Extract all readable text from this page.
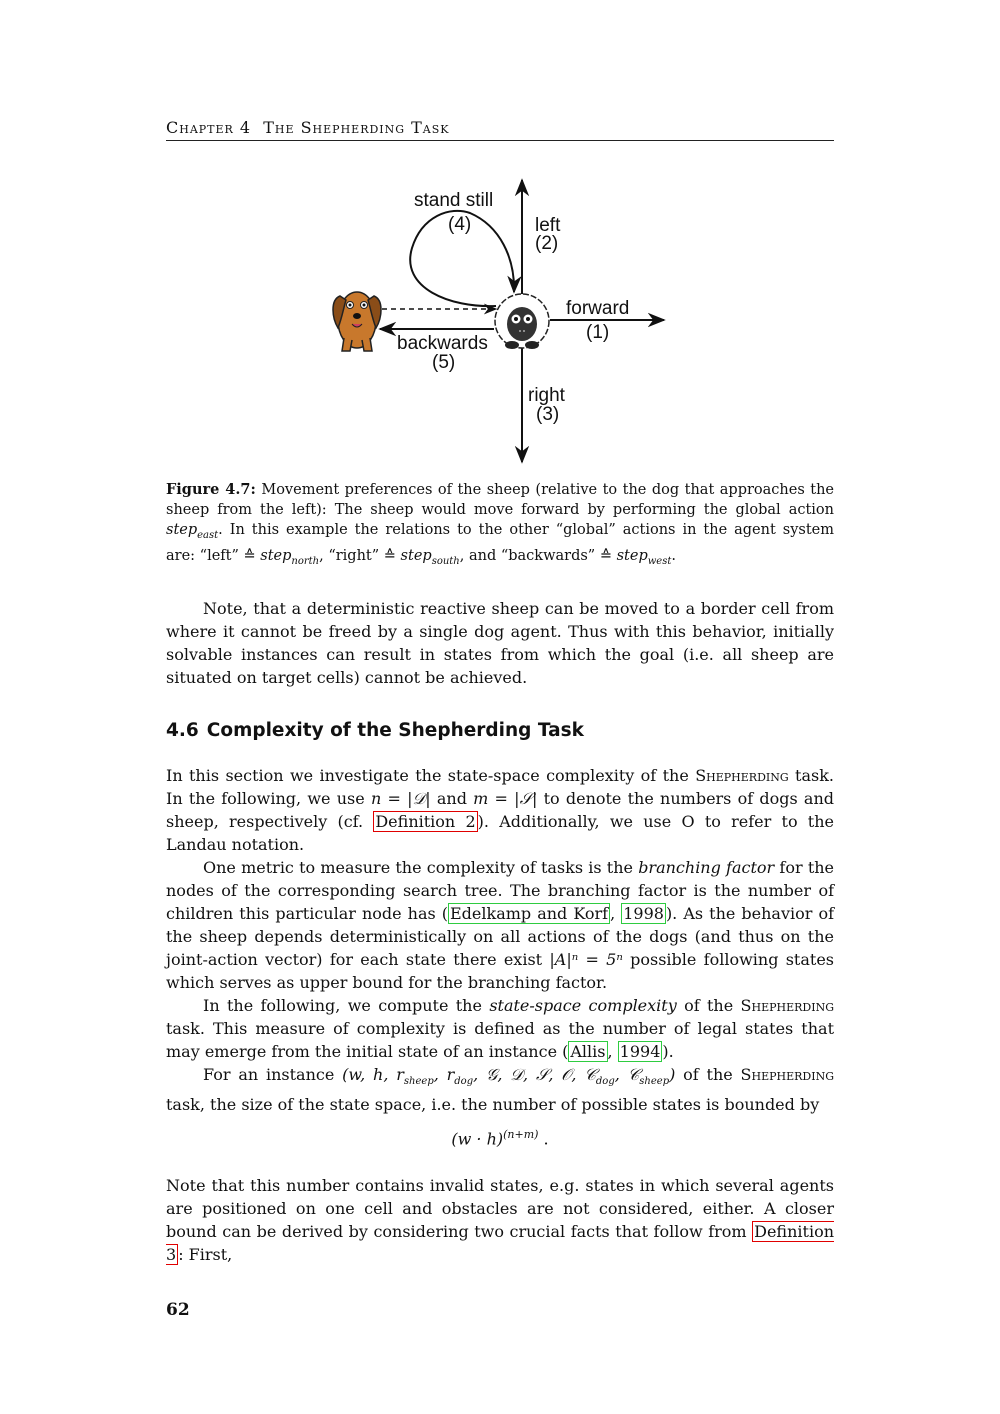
Chapter 4 The Shepherding Task
stand still
(4)	left
(2)
forward
(1)
backwards
(5)
right
(3)
Figure 4.7: Movement preferences of the sheep (relative to the dog that approaches the sheep from the left): The sheep would move forward by performing the global action step$_{east}$. In this example the relations to the other “global” actions in the agent system are: “left” ≙ step$_{north}$, “right” ≙ step$_{south}$, and “backwards” ≙ step$_{west}$.

Note, that a deterministic reactive sheep can be moved to a border cell from where it cannot be freed by a single dog agent. Thus with this behavior, initially solvable instances can result in states from which the goal (i.e. all sheep are situated on target cells) cannot be achieved.

4.6 Complexity of the Shepherding Task

In this section we investigate the state-space complexity of the Shepherding task. In the following, we use n = |𝒟| and m = |𝒮| to denote the numbers of dogs and sheep, respectively (cf. Definition 2 ). Additionally, we use O to refer to the Landau notation.

One metric to measure the complexity of tasks is the branching factor for the nodes of the corresponding search tree. The branching factor is the number of children this particular node has ( Edelkamp and Korf , 1998 ). As the behavior of the sheep depends deterministically on all actions of the dogs (and thus on the joint-action vector) for each state there exist |A|ⁿ = 5ⁿ possible following states which serves as upper bound for the branching factor.

In the following, we compute the state-space complexity of the Shepherding task. This measure of complexity is defined as the number of legal states that may emerge from the initial state of an instance ( Allis , 1994 ).

For an instance (w, h, $r_{sheep}$, $r_{dog}$, 𝒢, 𝒟, 𝒮, 𝒪, 𝒞$_{dog}$, 𝒞$_{sheep}$) of the Shepherding task, the size of the state space, i.e. the number of possible states is bounded by

$(w \cdot h)^{(n+m)}$ .

Note that this number contains invalid states, e.g. states in which several agents are positioned on one cell and obstacles are not considered, either. A closer bound can be derived by considering two crucial facts that follow from Definition 3 : First,

62
